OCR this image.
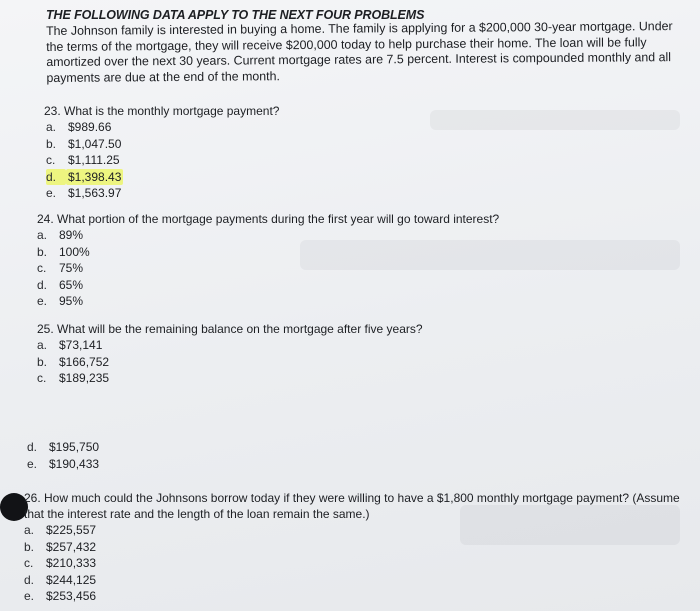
THE FOLLOWING DATA APPLY TO THE NEXT FOUR PROBLEMS
The Johnson family is interested in buying a home. The family is applying for a $200,000 30-year mortgage. Under the terms of the mortgage, they will receive $200,000 today to help purchase their home. The loan will be fully amortized over the next 30 years. Current mortgage rates are 7.5 percent. Interest is compounded monthly and all payments are due at the end of the month.
23. What is the monthly mortgage payment?
a. $989.66
b. $1,047.50
c.	$1,111.25
d. $1,398.43
e. $1,563.97
24. What portion of the mortgage payments during the first year will go toward interest?
a. 89%
b. 100%
c.	75%
d. 65%
e. 95%
25. What will be the remaining balance on the mortgage after five years?
a. $73,141
b. $166,752
c.	$189,235
d. $195,750
e. $190,433
26. How much could the Johnsons borrow today if they were willing to have a $1,800 monthly mortgage payment? (Assume that the interest rate and the length of the loan remain the same.)
a. $225,557
b. $257,432
c.	$210,333
d. $244,125
e. $253,456
